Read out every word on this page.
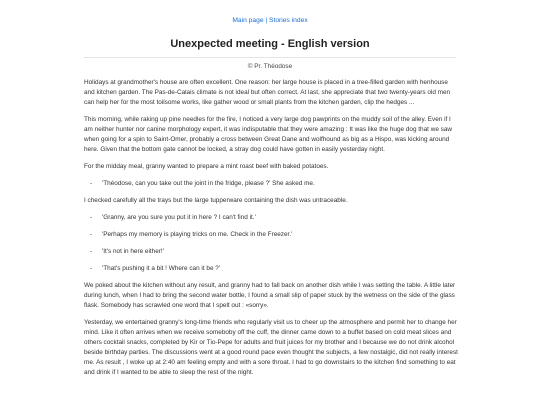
Main page | Stories index
Unexpected meeting - English version
© Pr. Théodose

Holidays at grandmother's house are often excellent. One reason: her large house is placed in a tree-filled garden with henhouse and kitchen garden. The Pas-de-Calais climate is not ideal but often correct. At last, she appreciate that two twenty-years old men can help her for the most toilsome works, like gather wood or small plants from the kitchen garden, clip the hedges ...

This morning, while raking up pine needles for the fire, I noticed a very large dog pawprints on the muddy soil of the alley. Even if I am neither hunter nor canine morphology expert, it was indisputable that they were amazing : It was like the huge dog that we saw when going for a spin to Saint-Omer, probably a cross between Great Dane and wolfhound as big as a Hispo, was kicking around here. Given that the bottom gate cannot be locked, a stray dog could have gotten in easily yesterday night.

For the midday meal, granny wanted to prepare a mint roast beef with baked potatoes.

- 'Théodose, can you take out the joint in the fridge, please ?' She asked me.

I checked carefully all the trays but the large tupperware containing the dish was untraceable.

- 'Granny, are you sure you put it in here ? I can't find it.'
- 'Perhaps my memory is playing tricks on me. Check in the Freezer.'
- 'It's not in here either!'
- 'That's pushing it a bit ! Where can it be ?'

We poked about the kitchen without any result, and granny had to fall back on another dish while I was setting the table. A little later during lunch, when I had to bring the second water bottle, I found a small slip of paper stuck by the wetness on the side of the glass flask. Somebody has scrawled one word that I spelt out : «sorry».

Yesterday, we entertained granny's long-time friends who regularly visit us to cheer up the atmosphere and permit her to change her mind. Like it often arrives when we receive someboby off the cuff, the dinner came down to a buffet based on cold meat slices and others cocktail snacks, completed by Kir or Tio-Pepe for adults and fruit juices for my brother and I because we do not drink alcohol beside birthday parties. The discussions went at a good round pace even thought the subjects, a few nostalgic, did not really interest me. As result , I woke up at 2:40 am feeling empty and with a sore throat. I had to go downstairs to the kitchen find something to eat and drink if I wanted to be able to sleep the rest of the night.
